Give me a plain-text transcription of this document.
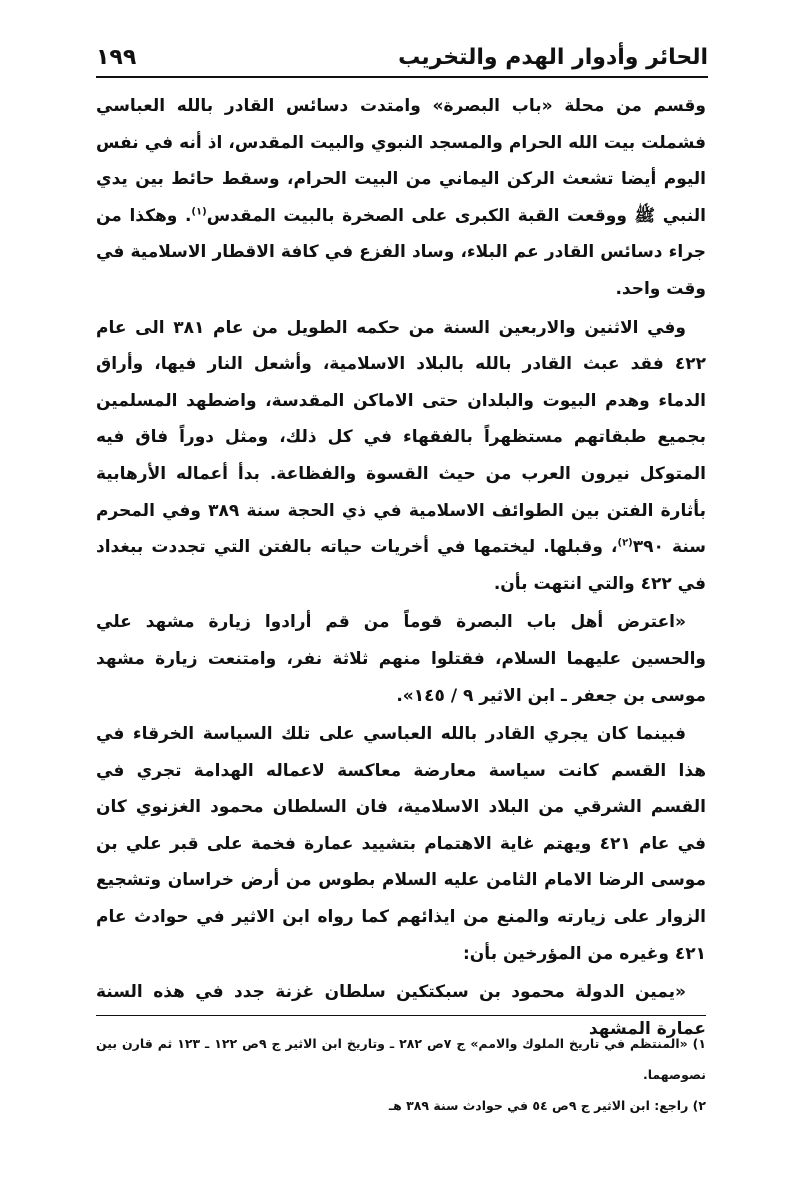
الحائر وأدوار الهدم والتخريب
١٩٩

وقسم من محلة «باب البصرة» وامتدت دسائس القادر بالله العباسي فشملت بيت الله الحرام والمسجد النبوي والبيت المقدس، اذ أنه في نفس اليوم أيضا تشعث الركن اليماني من البيت الحرام، وسقط حائط بين يدي النبي ﷺ ووقعت القبة الكبرى على الصخرة بالبيت المقدس$^{(١)}$. وهكذا من جراء دسائس القادر عم البلاء، وساد الفزع في كافة الاقطار الاسلامية في وقت واحد.

وفي الاثنين والاربعين السنة من حكمه الطويل من عام ٣٨١ الى عام ٤٢٢ فقد عبث القادر بالله بالبلاد الاسلامية، وأشعل النار فيها، وأراق الدماء وهدم البيوت والبلدان حتى الاماكن المقدسة، واضطهد المسلمين بجميع طبقاتهم مستظهراً بالفقهاء في كل ذلك، ومثل دوراً فاق فيه المتوكل نيرون العرب من حيث القسوة والفظاعة. بدأ أعماله الأرهابية بأثارة الفتن بين الطوائف الاسلامية في ذي الحجة سنة ٣٨٩ وفي المحرم سنة ٣٩٠$^{(٢)}$، وقبلها. ليختمها في أخريات حياته بالفتن التي تجددت ببغداد في ٤٢٢ والتي انتهت بأن.

«اعترض أهل باب البصرة قوماً من قم أرادوا زيارة مشهد علي والحسين عليهما السلام، فقتلوا منهم ثلاثة نفر، وامتنعت زيارة مشهد موسى بن جعفر ـ ابن الاثير ٩ / ١٤٥».

فبينما كان يجري القادر بالله العباسي على تلك السياسة الخرقاء في هذا القسم كانت سياسة معارضة معاكسة لاعماله الهدامة تجري في القسم الشرقي من البلاد الاسلامية، فان السلطان محمود الغزنوي كان في عام ٤٢١ ويهتم غاية الاهتمام بتشييد عمارة فخمة على قبر علي بن موسى الرضا الامام الثامن عليه السلام بطوس من أرض خراسان وتشجيع الزوار على زيارته والمنع من ايذائهم كما رواه ابن الاثير في حوادث عام ٤٢١ وغيره من المؤرخين بأن:

«يمين الدولة محمود بن سبكتكين سلطان غزنة جدد في هذه السنة عمارة المشهد

١) «المنتظم في تاريخ الملوك والامم» ج ٧ص ٢٨٢ ـ وتاريخ ابن الاثير ج ٩ص ١٢٢ ـ ١٢٣ ثم قارن بين نصوصهما.

٢) راجع: ابن الاثير ج ٩ص ٥٤ في حوادث سنة ٣٨٩ هـ
